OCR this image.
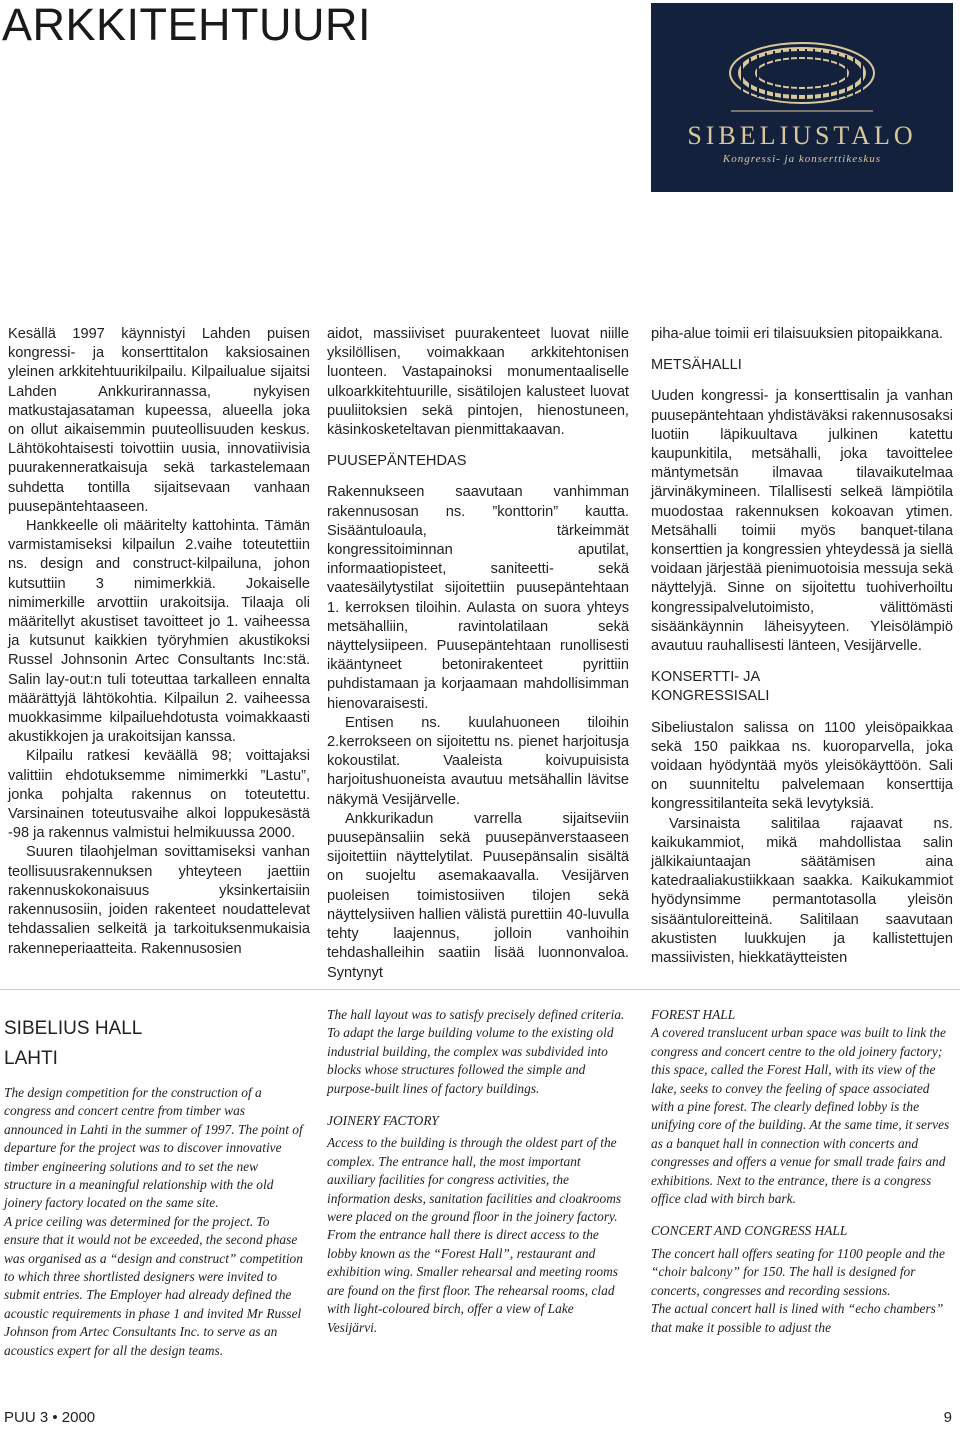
ARKKITEHTUURI
SIBELIUSTALO
Kongressi- ja konserttikeskus

Kesällä 1997 käynnistyi Lahden puisen kongressi- ja konserttitalon kaksiosainen yleinen arkkitehtuurikilpailu. Kilpailualue sijaitsi Lahden Ankkurirannassa, nykyisen matkustajasataman kupeessa, alueella joka on ollut aikaisemmin puuteollisuuden keskus. Lähtökohtaisesti toivottiin uusia, innovatiivisia puurakenneratkaisuja sekä tarkastelemaan suhdetta tontilla sijaitsevaan vanhaan puusepäntehtaaseen.

Hankkeelle oli määritelty kattohinta. Tämän varmistamiseksi kilpailun 2.vaihe toteutettiin ns. design and construct-kilpailuna, johon kutsuttiin 3 nimimerkkiä. Jokaiselle nimimerkille arvottiin urakoitsija. Tilaaja oli määritellyt akustiset tavoitteet jo 1. vaiheessa ja kutsunut kaikkien työryhmien akustikoksi Russel Johnsonin Artec Consultants Inc:stä. Salin lay-out:n tuli toteuttaa tarkalleen ennalta määrättyjä lähtökohtia. Kilpailun 2. vaiheessa muokkasimme kilpailuehdotusta voimakkaasti akustikkojen ja urakoitsijan kanssa.

Kilpailu ratkesi keväällä 98; voittajaksi valittiin ehdotuksemme nimimerkki ”Lastu”, jonka pohjalta rakennus on toteutettu. Varsinainen toteutusvaihe alkoi loppukesästä -98 ja rakennus valmistui helmikuussa 2000.

Suuren tilaohjelman sovittamiseksi vanhan teollisuusrakennuksen yhteyteen jaettiin rakennuskokonaisuus yksinkertaisiin rakennusosiin, joiden rakenteet noudattelevat tehdassalien selkeitä ja tarkoituksenmukaisia rakenneperiaatteita. Rakennusosien

aidot, massiiviset puurakenteet luovat niille yksilöllisen, voimakkaan arkkitehtonisen luonteen. Vastapainoksi monumentaaliselle ulkoarkkitehtuurille, sisätilojen kalusteet luovat puuliitoksien sekä pintojen, hienostuneen, käsinkosketeltavan pienmittakaavan.

PUUSEPÄNTEHDAS

Rakennukseen saavutaan vanhimman rakennusosan ns. ”konttorin” kautta. Sisääntuloaula, tärkeimmät kongressitoiminnan aputilat, informaatiopisteet, saniteetti- sekä vaatesäilytystilat sijoitettiin puusepäntehtaan 1. kerroksen tiloihin. Aulasta on suora yhteys metsähalliin, ravintolatilaan sekä näyttelysiipeen. Puusepäntehtaan runollisesti ikääntyneet betonirakenteet pyrittiin puhdistamaan ja korjaamaan mahdollisimman hienovaraisesti.

Entisen ns. kuulahuoneen tiloihin 2.kerrokseen on sijoitettu ns. pienet harjoitusja kokoustilat. Vaaleista koivupuisista harjoitushuoneista avautuu metsähallin lävitse näkymä Vesijärvelle.

Ankkurikadun varrella sijaitseviin puusepänsaliin sekä puusepänverstaaseen sijoitettiin näyttelytilat. Puusepänsalin sisältä on suojeltu asemakaavalla. Vesijärven puoleisen toimistosiiven tilojen sekä näyttelysiiven hallien välistä purettiin 40-luvulla tehty laajennus, jolloin vanhoihin tehdashalleihin saatiin lisää luonnonvaloa. Syntynyt

piha-alue toimii eri tilaisuuksien pitopaikkana.

METSÄHALLI

Uuden kongressi- ja konserttisalin ja vanhan puusepäntehtaan yhdistäväksi rakennusosaksi luotiin läpikuultava julkinen katettu kaupunkitila, metsähalli, joka tavoittelee mäntymetsän ilmavaa tilavaikutelmaa järvinäkymineen. Tilallisesti selkeä lämpiötila muodostaa rakennuksen kokoavan ytimen. Metsähalli toimii myös banquet-tilana konserttien ja kongressien yhteydessä ja siellä voidaan järjestää pienimuotoisia messuja sekä näyttelyjä. Sinne on sijoitettu tuohiverhoiltu kongressipalvelutoimisto, välittömästi sisäänkäynnin läheisyyteen. Yleisölämpiö avautuu rauhallisesti länteen, Vesijärvelle.

KONSERTTI- JA

KONGRESSISALI

Sibeliustalon salissa on 1100 yleisöpaikkaa sekä 150 paikkaa ns. kuoroparvella, joka voidaan hyödyntää myös yleisökäyttöön. Sali on suunniteltu palvelemaan konserttija kongressitilanteita sekä levytyksiä.

Varsinaista salitilaa rajaavat ns. kaikukammiot, mikä mahdollistaa salin jälkikaiuntaajan säätämisen aina katedraaliakustiikkaan saakka. Kaikukammiot hyödynsimme permantotasolla yleisön sisääntuloreitteinä. Salitilaan saavutaan akustisten luukkujen ja kallistettujen massiivisten, hiekkatäytteisten

SIBELIUS HALL

LAHTI

The design competition for the construction of a congress and concert centre from timber was announced in Lahti in the summer of 1997. The point of departure for the project was to discover innovative timber engineering solutions and to set the new structure in a meaningful relationship with the old joinery factory located on the same site.

A price ceiling was determined for the project. To ensure that it would not be exceeded, the second phase was organised as a “design and construct” competition to which three shortlisted designers were invited to submit entries. The Employer had already defined the acoustic requirements in phase 1 and invited Mr Russel Johnson from Artec Consultants Inc. to serve as an acoustics expert for all the design teams.

The hall layout was to satisfy precisely defined criteria.

To adapt the large building volume to the existing old industrial building, the complex was subdivided into blocks whose structures followed the simple and purpose-built lines of factory buildings.

JOINERY FACTORY

Access to the building is through the oldest part of the complex. The entrance hall, the most important auxiliary facilities for congress activities, the information desks, sanitation facilities and cloakrooms were placed on the ground floor in the joinery factory. From the entrance hall there is direct access to the lobby known as the “Forest Hall”, restaurant and exhibition wing. Smaller rehearsal and meeting rooms are found on the first floor. The rehearsal rooms, clad with light-coloured birch, offer a view of Lake Vesijärvi.

FOREST HALL

A covered translucent urban space was built to link the congress and concert centre to the old joinery factory; this space, called the Forest Hall, with its view of the lake, seeks to convey the feeling of space associated with a pine forest. The clearly defined lobby is the unifying core of the building. At the same time, it serves as a banquet hall in connection with concerts and congresses and offers a venue for small trade fairs and exhibitions. Next to the entrance, there is a congress office clad with birch bark.

CONCERT AND CONGRESS HALL

The concert hall offers seating for 1100 people and the “choir balcony” for 150. The hall is designed for concerts, congresses and recording sessions.

The actual concert hall is lined with “echo chambers” that make it possible to adjust the

PUU 3 • 2000	9
